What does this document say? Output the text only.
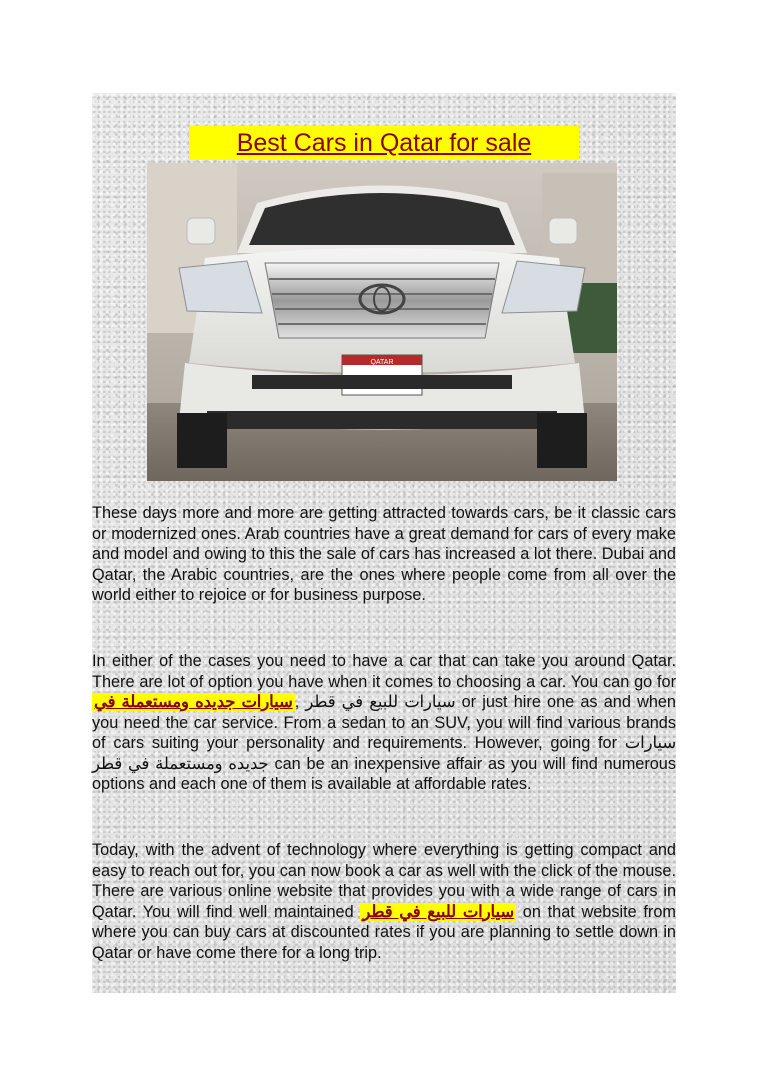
Best Cars in Qatar for sale
QATAR

These days more and more are getting attracted towards cars, be it classic cars or modernized ones. Arab countries have a great demand for cars of every make and model and owing to this the sale of cars has increased a lot there. Dubai and Qatar, the Arabic countries, are the ones where people come from all over the world either to rejoice or for business purpose.

In either of the cases you need to have a car that can take you around Qatar. There are lot of option you have when it comes to choosing a car. You can go for سيارات جديده ومستعملة في , سيارات للبيع في قطر or just hire one as and when you need the car service. From a sedan to an SUV, you will find various brands of cars suiting your personality and requirements. However, going for سيارات جديده ومستعملة في قطر can be an inexpensive affair as you will find numerous options and each one of them is available at affordable rates.

Today, with the advent of technology where everything is getting compact and easy to reach out for, you can now book a car as well with the click of the mouse. There are various online website that provides you with a wide range of cars in Qatar. You will find well maintained سيارات للبيع في قطر on that website from where you can buy cars at discounted rates if you are planning to settle down in Qatar or have come there for a long trip.
